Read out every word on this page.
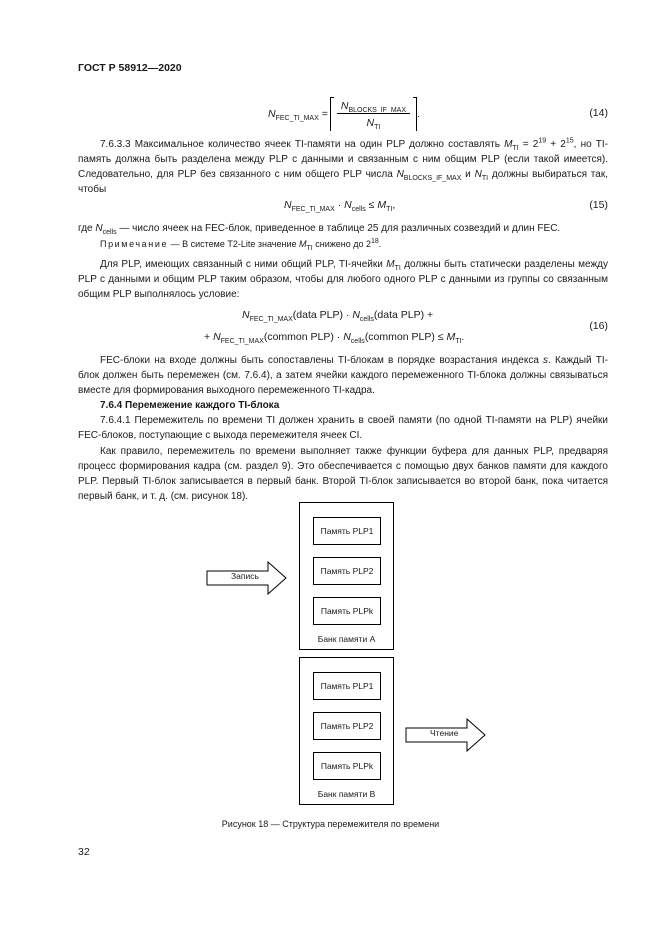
ГОСТ Р 58912—2020
$N_{FEC\_TI\_MAX}$ =
$N_{BLOCKS\_IF\_MAX}$
$N_{TI}$
.	(14)
7.6.3.3 Максимальное количество ячеек TI-памяти на один PLP должно составлять $M_{TI} = 2^{19} + 2^{15}$, но TI-память должна быть разделена между PLP с данными и связанным с ним общим PLP (если такой имеется). Следовательно, для PLP без связанного с ним общего PLP числа $N_{BLOCKS\_IF\_MAX}$ и $N_{TI}$ должны выбираться так, чтобы
$N_{FEC\_TI\_MAX} \cdot N_{cells} \le M_{TI}$,	(15)
где $N_{cells}$ — число ячеек на FEC-блок, приведенное в таблице 25 для различных созвездий и длин FEC.
Примечание — В системе T2-Lite значение $M_{TI}$ снижено до $2^{18}$.
Для PLP, имеющих связанный с ними общий PLP, TI-ячейки $M_{TI}$ должны быть статически разделены между PLP с данными и общим PLP таким образом, чтобы для любого одного PLP с данными из группы со связанным общим PLP выполнялось условие:
$N_{FEC\_TI\_MAX}(data$ $PLP) \cdot N_{cells}(data$ PLP) +
+ $N_{FEC\_TI\_MAX}(common$ $PLP) \cdot N_{cells}(common$ $PLP) \le M_{TI}$.
(16)
FEC-блоки на входе должны быть сопоставлены TI-блокам в порядке возрастания индекса s. Каждый TI-блок должен быть перемежен (см. 7.6.4), а затем ячейки каждого перемеженного TI-блока должны связываться вместе для формирования выходного перемеженного TI-кадра.
7.6.4 Перемежение каждого TI-блока
7.6.4.1 Перемежитель по времени TI должен хранить в своей памяти (по одной TI-памяти на PLP) ячейки FEC-блоков, поступающие с выхода перемежителя ячеек CI.
Как правило, перемежитель по времени выполняет также функции буфера для данных PLP, предваряя процесс формирования кадра (см. раздел 9). Это обеспечивается с помощью двух банков памяти для каждого PLP. Первый TI-блок записывается в первый банк. Второй TI-блок записывается во второй банк, пока читается первый банк, и т. д. (см. рисунок 18).
Память PLP1
Память PLP2
Память PLPk
Банк памяти А
Память PLP1
Память PLP2
Память PLPk
Банк памяти B
Запись
Чтение
Рисунок 18 — Структура перемежителя по времени
32
